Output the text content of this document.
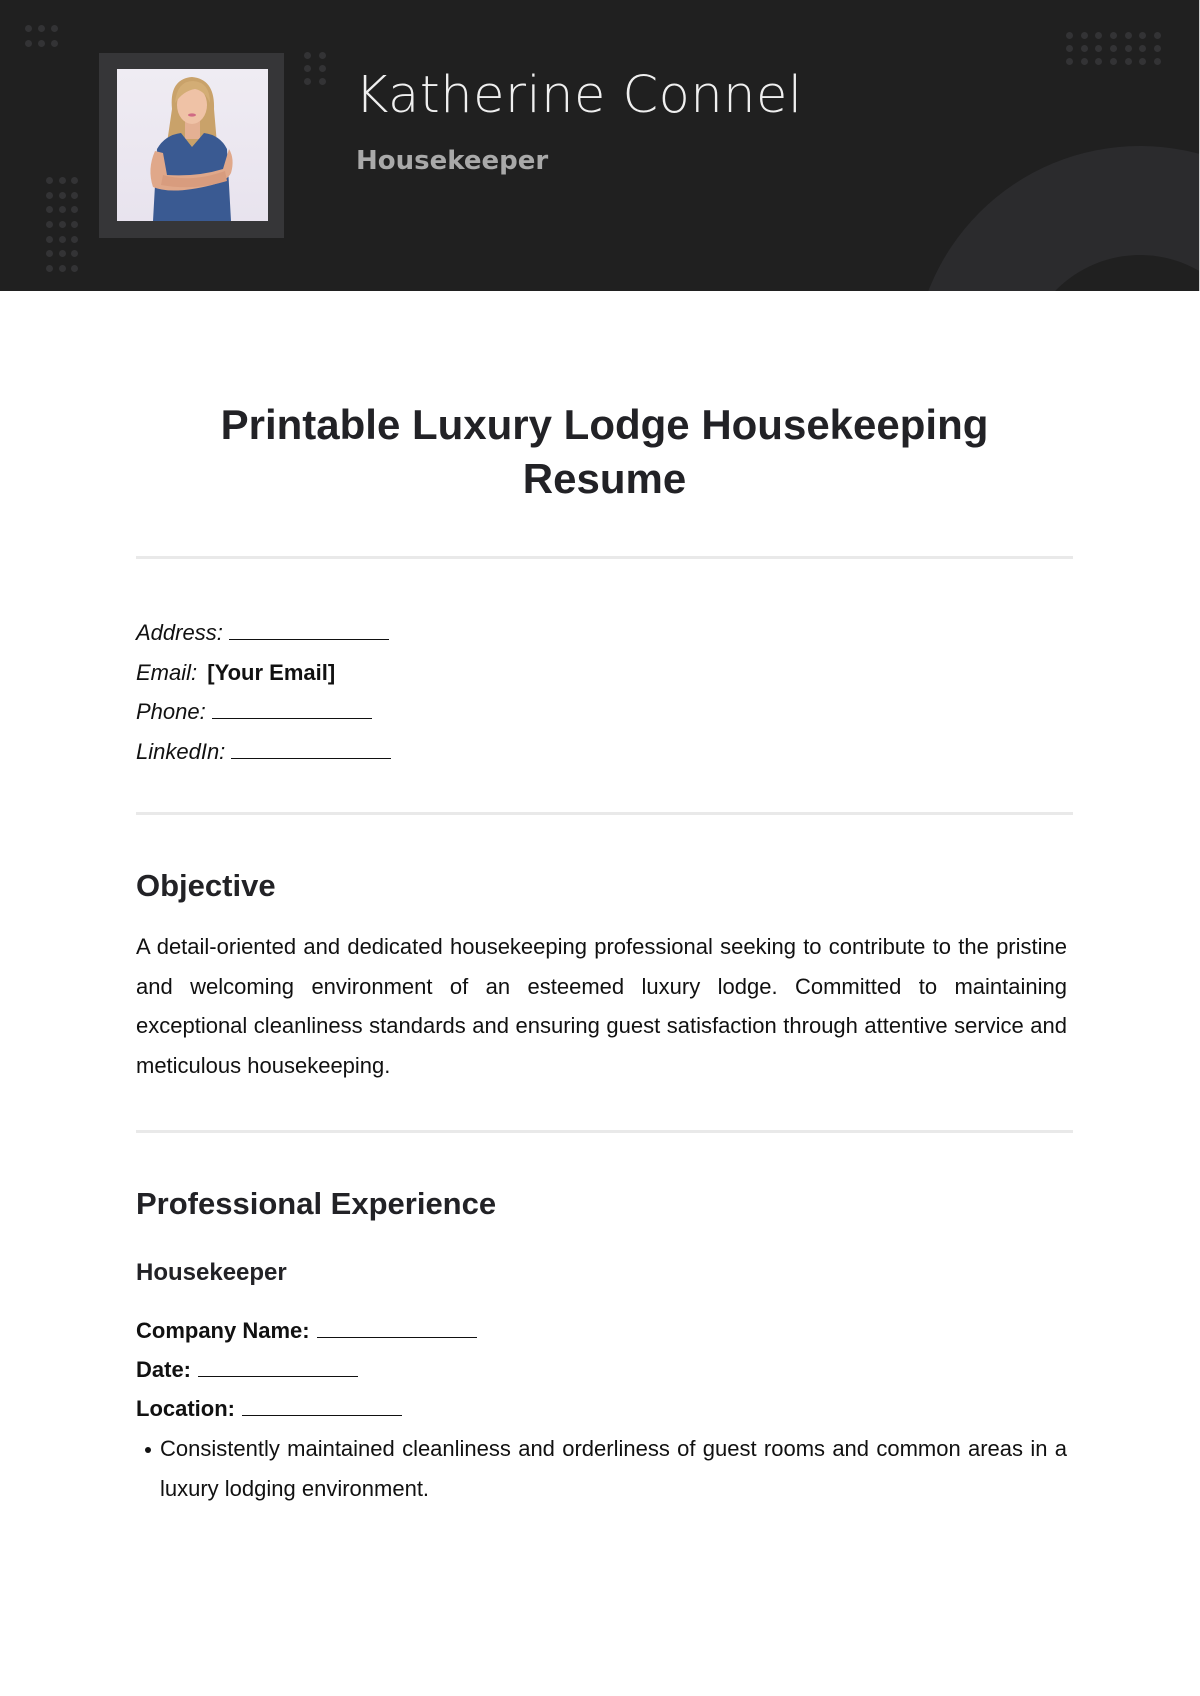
Katherine Connel
Housekeeper
Printable Luxury Lodge Housekeeping Resume
Address:
Email: [Your Email]
Phone:
LinkedIn:
Objective

A detail-oriented and dedicated housekeeping professional seeking to contribute to the pristine and welcoming environment of an esteemed luxury lodge. Committed to maintaining exceptional cleanliness standards and ensuring guest satisfaction through attentive service and meticulous housekeeping.

Professional Experience
Housekeeper
Company Name:
Date:
Location:
Consistently maintained cleanliness and orderliness of guest rooms and common areas in a luxury lodging environment.
